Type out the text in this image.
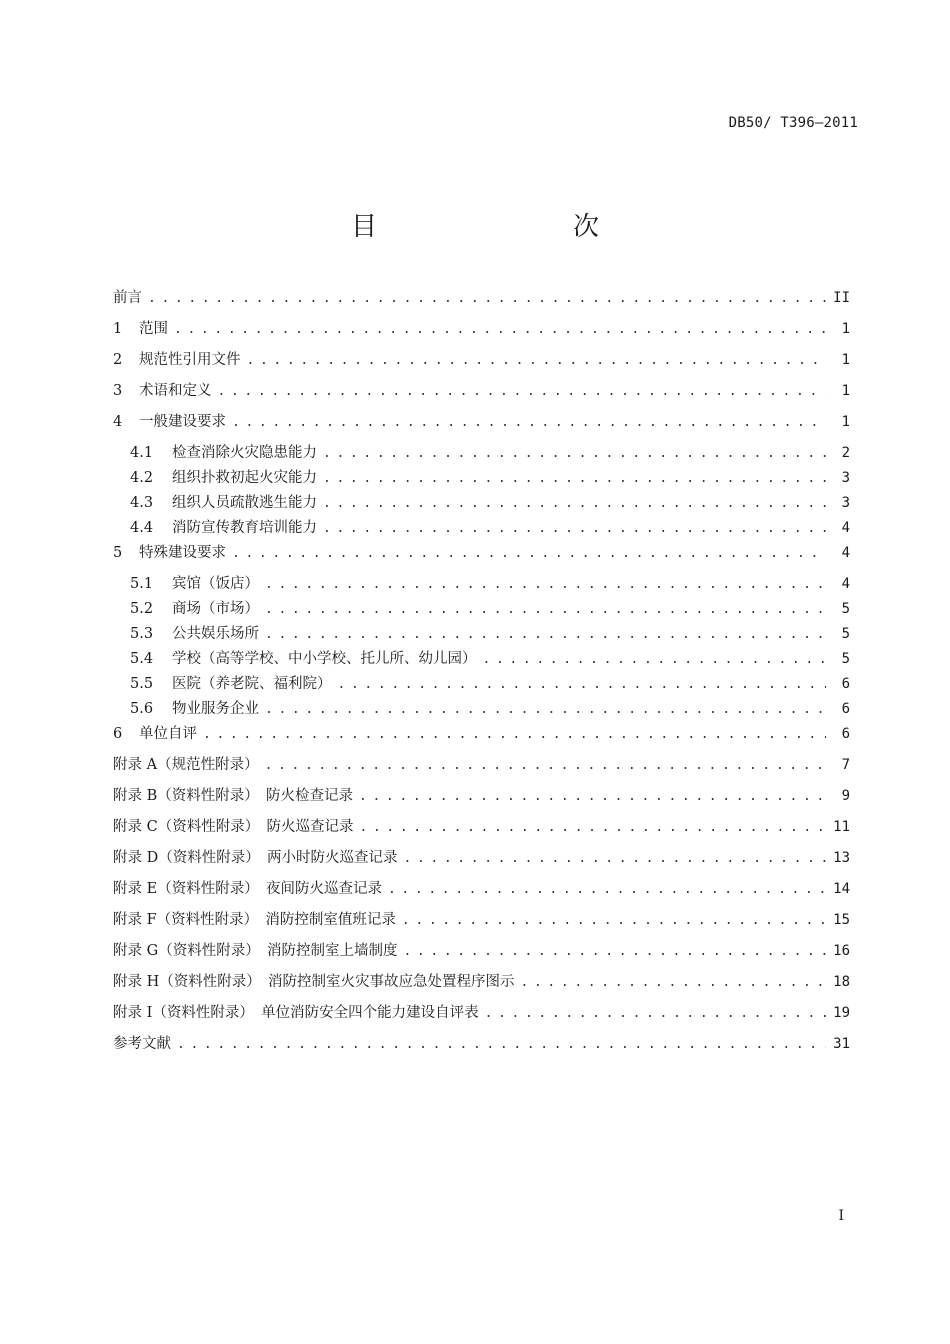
DB50/ T396—2011
目　　次
前言 . . .	II
1	范围 . . .	1
2	规范性引用文件 . . .	1
3	术语和定义 . . .	1
4	一般建设要求 . . .	1
4.1	检查消除火灾隐患能力 . . .	2
4.2	组织扑救初起火灾能力 . . .	3
4.3	组织人员疏散逃生能力 . . .	3
4.4	消防宣传教育培训能力 . . .	4
5	特殊建设要求 . . .	4
5.1	宾馆（饭店） . . .	4
5.2	商场（市场） . . .	5
5.3	公共娱乐场所 . . .	5
5.4	学校（高等学校、中小学校、托儿所、幼儿园） . . .	5
5.5	医院（养老院、福利院） . . .	6
5.6	物业服务企业 . . .	6
6	单位自评 . . .	6
附录 A（规范性附录） . . .	7
附录 B（资料性附录）　防火检查记录 . . .	9
附录 C（资料性附录）　防火巡查记录 . . .	11
附录 D（资料性附录）　两小时防火巡查记录 . . .	13
附录 E（资料性附录）　夜间防火巡查记录 . . .	14
附录 F（资料性附录）　消防控制室值班记录 . . .	15
附录 G（资料性附录）　消防控制室上墙制度 . . .	16
附录 H（资料性附录）　消防控制室火灾事故应急处置程序图示 . . .	18
附录 I（资料性附录）　单位消防安全四个能力建设自评表 . . .	19
参考文献 . . .	31
I
